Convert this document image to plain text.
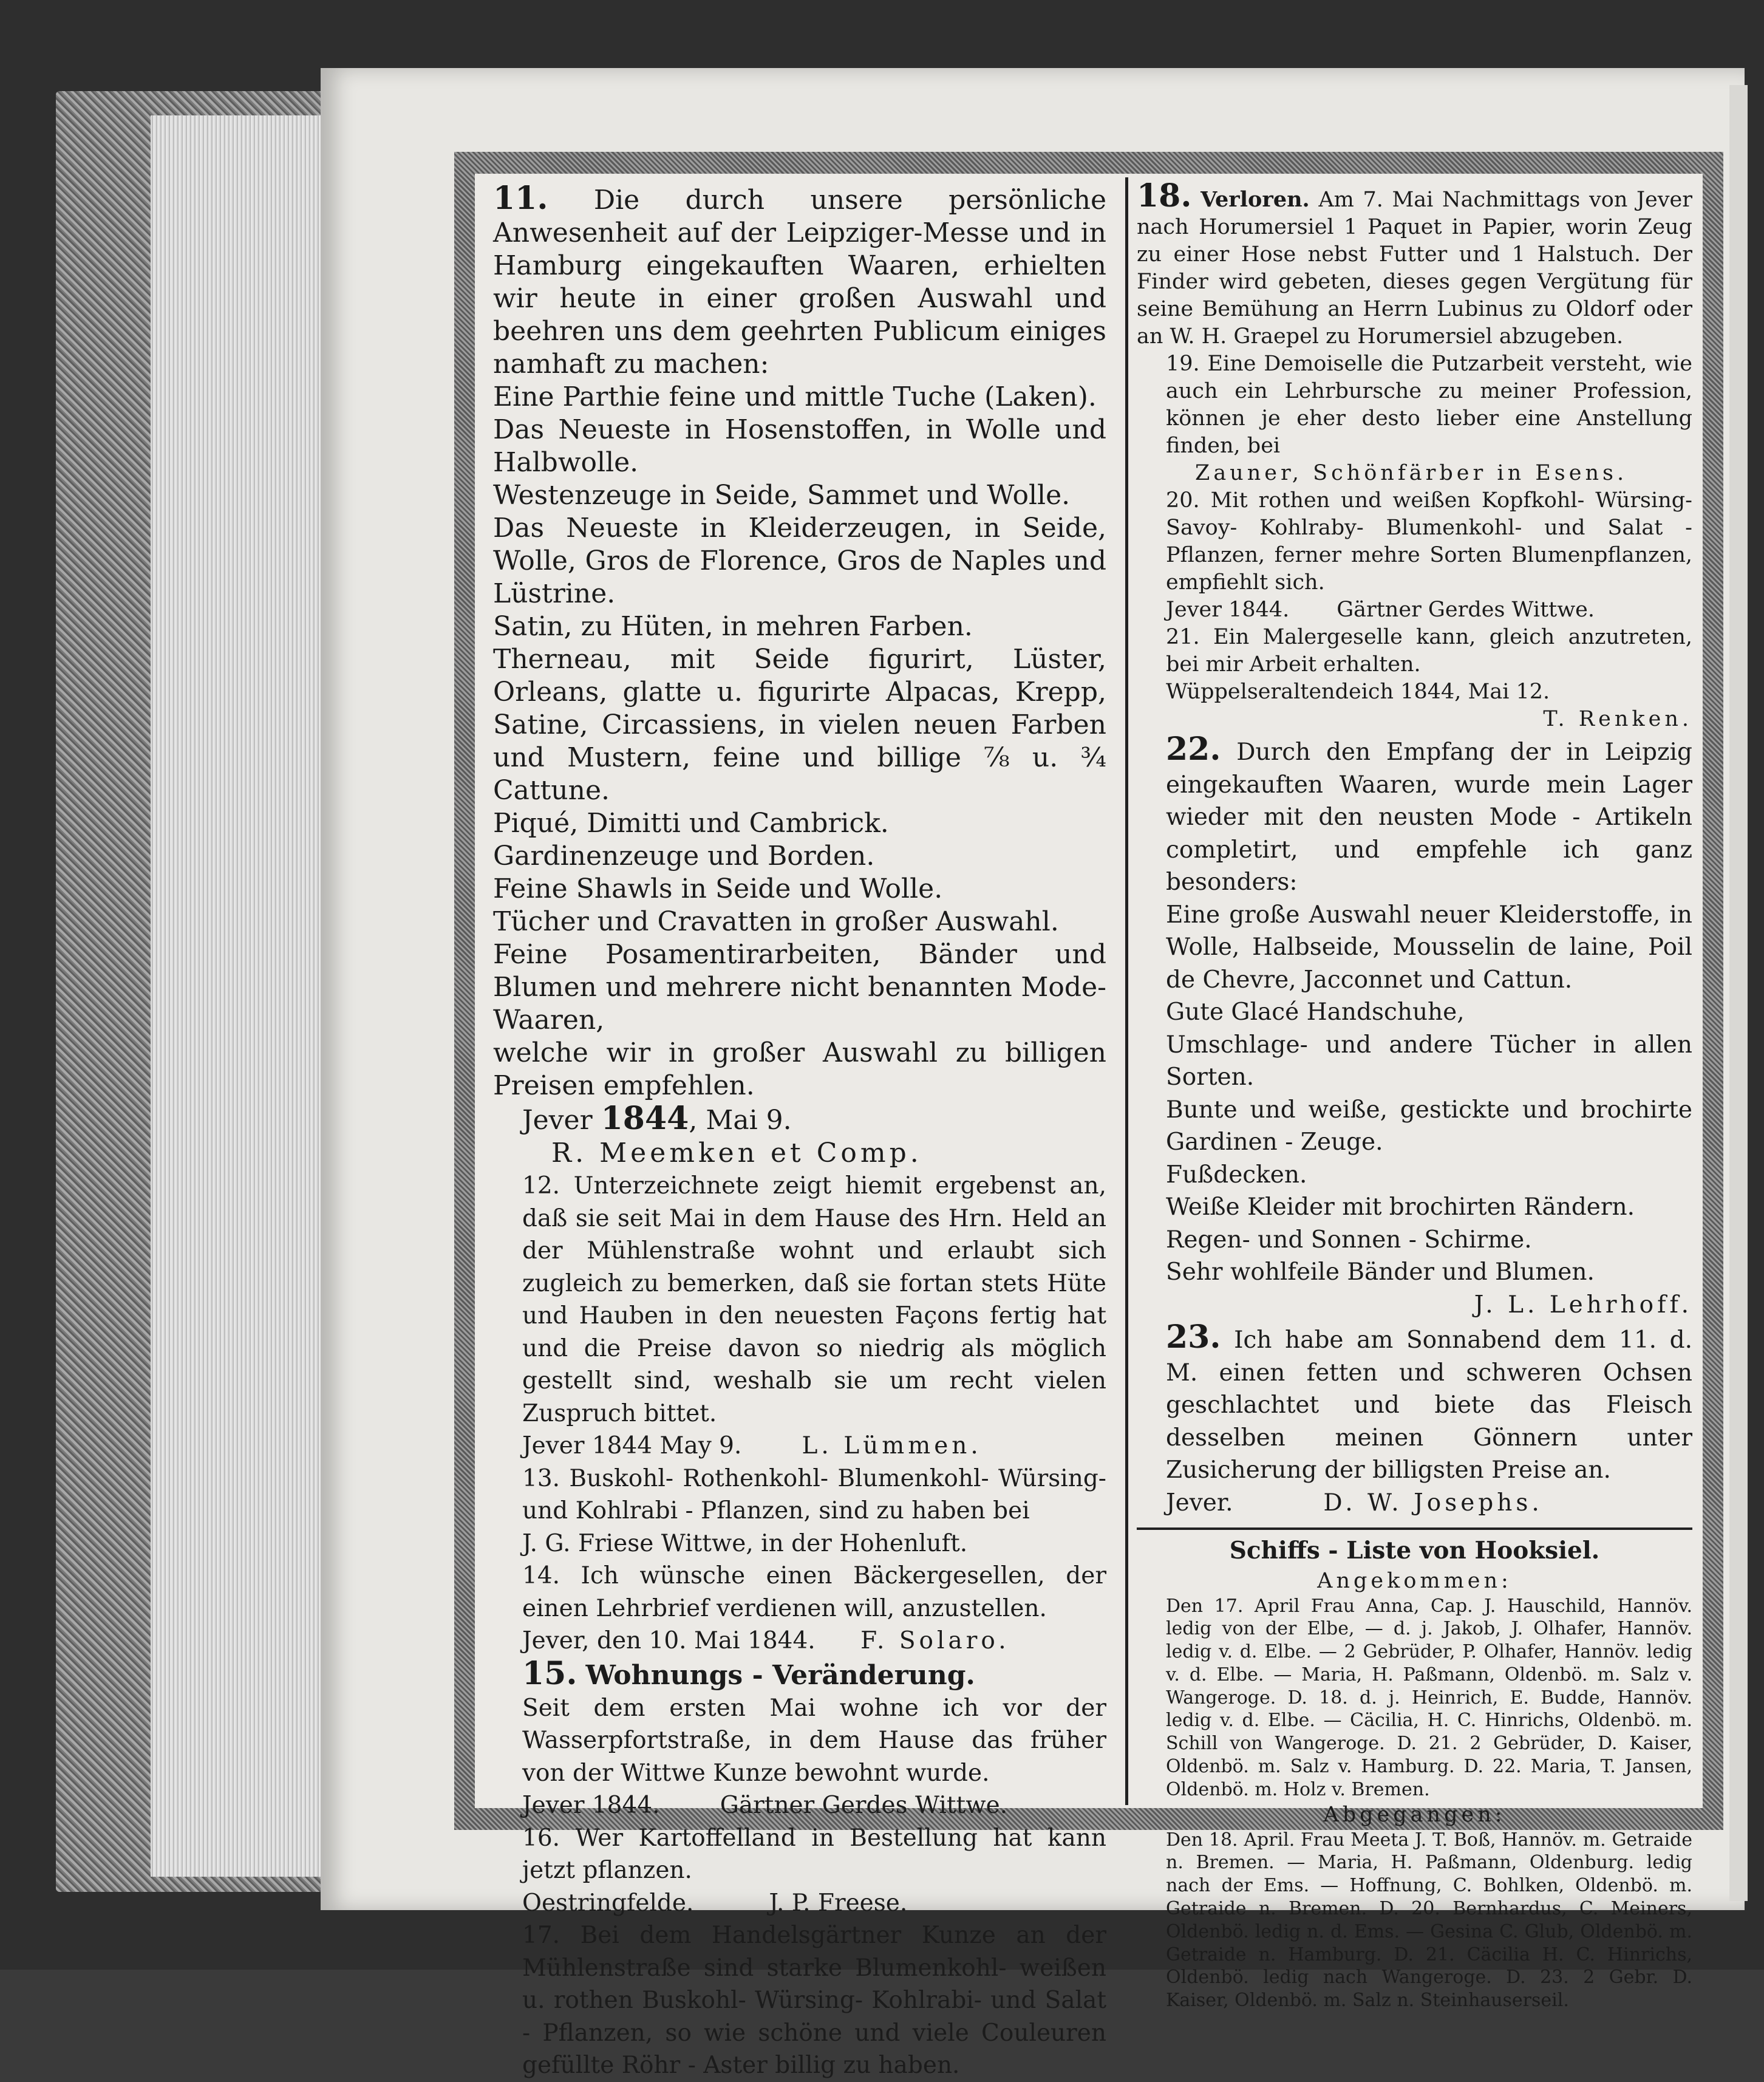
11. Die durch unsere persönliche Anwesenheit auf der Leipziger-Messe und in Hamburg eingekauften Waaren, erhielten wir heute in einer großen Auswahl und beehren uns dem geehrten Publicum einiges namhaft zu machen:

Eine Parthie feine und mittle Tuche (Laken).

Das Neueste in Hosenstoffen, in Wolle und Halbwolle.

Westenzeuge in Seide, Sammet und Wolle.

Das Neueste in Kleiderzeugen, in Seide, Wolle, Gros de Florence, Gros de Naples und Lüstrine.

Satin, zu Hüten, in mehren Farben.

Therneau, mit Seide figurirt, Lüster, Orleans, glatte u. figurirte Alpacas, Krepp, Satine, Circassiens, in vielen neuen Farben und Mustern, feine und billige ⅞ u. ¾ Cattune.

Piqué, Dimitti und Cambrick.

Gardinenzeuge und Borden.

Feine Shawls in Seide und Wolle.

Tücher und Cravatten in großer Auswahl.

Feine Posamentirarbeiten, Bänder und Blumen und mehrere nicht benannten Mode-Waaren,

welche wir in großer Auswahl zu billigen Preisen empfehlen.

Jever 1844, Mai 9.

R. Meemken et Comp.

12. Unterzeichnete zeigt hiemit ergebenst an, daß sie seit Mai in dem Hause des Hrn. Held an der Mühlenstraße wohnt und erlaubt sich zugleich zu bemerken, daß sie fortan stets Hüte und Hauben in den neuesten Façons fertig hat und die Preise davon so niedrig als möglich gestellt sind, weshalb sie um recht vielen Zuspruch bittet.

Jever 1844 May 9.	L. Lümmen.

13. Buskohl- Rothenkohl- Blumenkohl- Würsing- und Kohlrabi - Pflanzen, sind zu haben bei

J. G. Friese Wittwe, in der Hohenluft.

14. Ich wünsche einen Bäckergesellen, der einen Lehrbrief verdienen will, anzustellen.

Jever, den 10. Mai 1844. F. Solaro.

15. Wohnungs - Veränderung.

Seit dem ersten Mai wohne ich vor der Wasserpfortstraße, in dem Hause das früher von der Wittwe Kunze bewohnt wurde.

Jever 1844.	Gärtner Gerdes Wittwe.

16. Wer Kartoffelland in Bestellung hat kann jetzt pflanzen.

Oestringfelde.	J. P. Freese.

17. Bei dem Handelsgärtner Kunze an der Mühlenstraße sind starke Blumenkohl- weißen u. rothen Buskohl- Würsing- Kohlrabi- und Salat - Pflanzen, so wie schöne und viele Couleuren gefüllte Röhr - Aster billig zu haben.

18. Verloren. Am 7. Mai Nachmittags von Jever nach Horumersiel 1 Paquet in Papier, worin Zeug zu einer Hose nebst Futter und 1 Halstuch. Der Finder wird gebeten, dieses gegen Vergütung für seine Bemühung an Herrn Lubinus zu Oldorf oder an W. H. Graepel zu Horumersiel abzugeben.

19. Eine Demoiselle die Putzarbeit versteht, wie auch ein Lehrbursche zu meiner Profession, können je eher desto lieber eine Anstellung finden, bei

Zauner, Schönfärber in Esens.

20. Mit rothen und weißen Kopfkohl- Würsing- Savoy- Kohlraby- Blumenkohl- und Salat - Pflanzen, ferner mehre Sorten Blumenpflanzen, empfiehlt sich.

Jever 1844. Gärtner Gerdes Wittwe.

21. Ein Malergeselle kann, gleich anzutreten, bei mir Arbeit erhalten.

Wüppelseraltendeich 1844, Mai 12.

T. Renken.

22. Durch den Empfang der in Leipzig eingekauften Waaren, wurde mein Lager wieder mit den neusten Mode - Artikeln completirt, und empfehle ich ganz besonders:

Eine große Auswahl neuer Kleiderstoffe, in Wolle, Halbseide, Mousselin de laine, Poil de Chevre, Jacconnet und Cattun.

Gute Glacé Handschuhe,

Umschlage- und andere Tücher in allen Sorten.

Bunte und weiße, gestickte und brochirte Gardinen - Zeuge.

Fußdecken.

Weiße Kleider mit brochirten Rändern.

Regen- und Sonnen - Schirme.

Sehr wohlfeile Bänder und Blumen.

J. L. Lehrhoff.

23. Ich habe am Sonnabend dem 11. d. M. einen fetten und schweren Ochsen geschlachtet und biete das Fleisch desselben meinen Gönnern unter Zusicherung der billigsten Preise an.

Jever.	D. W. Josephs.

Schiffs - Liste von Hooksiel.

Angekommen:

Den 17. April Frau Anna, Cap. J. Hauschild, Hannöv. ledig von der Elbe, — d. j. Jakob, J. Olhafer, Hannöv. ledig v. d. Elbe. — 2 Gebrüder, P. Olhafer, Hannöv. ledig v. d. Elbe. — Maria, H. Paßmann, Oldenbö. m. Salz v. Wangeroge. D. 18. d. j. Heinrich, E. Budde, Hannöv. ledig v. d. Elbe. — Cäcilia, H. C. Hinrichs, Oldenbö. m. Schill von Wangeroge. D. 21. 2 Gebrüder, D. Kaiser, Oldenbö. m. Salz v. Hamburg. D. 22. Maria, T. Jansen, Oldenbö. m. Holz v. Bremen.

Abgegangen:

Den 18. April. Frau Meeta J. T. Boß, Hannöv. m. Getraide n. Bremen. — Maria, H. Paßmann, Oldenburg. ledig nach der Ems. — Hoffnung, C. Bohlken, Oldenbö. m. Getraide n. Bremen. D. 20. Bernhardus, C. Meiners, Oldenbö. ledig n. d. Ems. — Gesina C. Glub, Oldenbö. m. Getraide n. Hamburg. D. 21. Cäcilia H. C. Hinrichs, Oldenbö. ledig nach Wangeroge. D. 23. 2 Gebr. D. Kaiser, Oldenbö. m. Salz n. Steinhauserseil.
